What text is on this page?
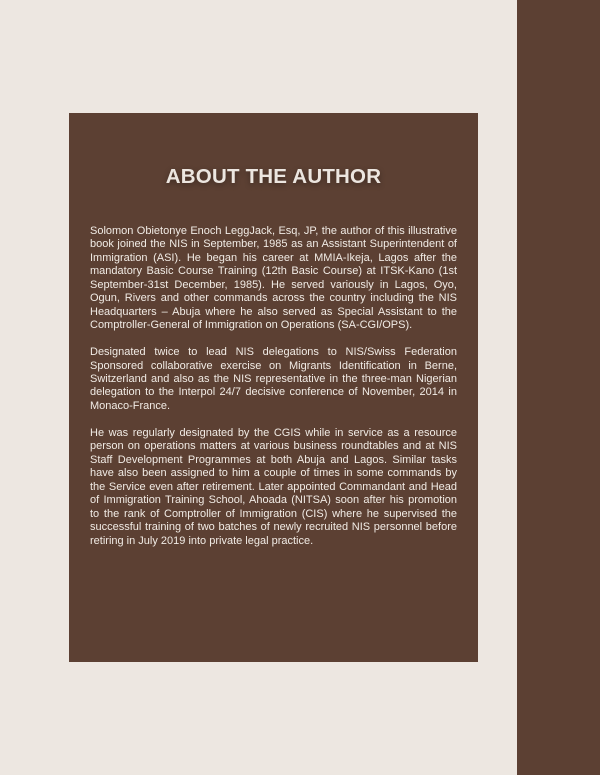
ABOUT THE AUTHOR

Solomon Obietonye Enoch LeggJack, Esq, JP, the author of this illustrative book joined the NIS in September, 1985 as an Assistant Superintendent of Immigration (ASI). He began his career at MMIA-Ikeja, Lagos after the mandatory Basic Course Training (12th Basic Course) at ITSK-Kano (1st September-31st December, 1985). He served variously in Lagos, Oyo, Ogun, Rivers and other commands across the country including the NIS Headquarters – Abuja where he also served as Special Assistant to the Comptroller-General of Immigration on Operations (SA-CGI/OPS).

Designated twice to lead NIS delegations to NIS/Swiss Federation Sponsored collaborative exercise on Migrants Identification in Berne, Switzerland and also as the NIS representative in the three-man Nigerian delegation to the Interpol 24/7 decisive conference of November, 2014 in Monaco-France.

He was regularly designated by the CGIS while in service as a resource person on operations matters at various business roundtables and at NIS Staff Development Programmes at both Abuja and Lagos. Similar tasks have also been assigned to him a couple of times in some commands by the Service even after retirement. Later appointed Commandant and Head of Immigration Training School, Ahoada (NITSA) soon after his promotion to the rank of Comptroller of Immigration (CIS) where he supervised the successful training of two batches of newly recruited NIS personnel before retiring in July 2019 into private legal practice.
